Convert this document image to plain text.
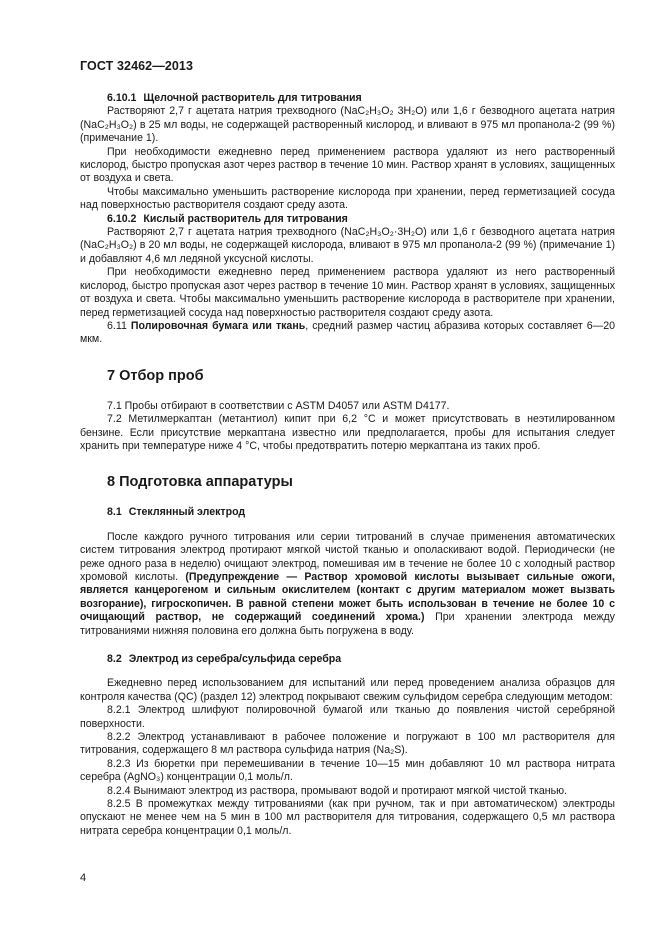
ГОСТ 32462—2013

6.10.1 Щелочной растворитель для титрования

Растворяют 2,7 г ацетата натрия трехводного (NaC₂H₃O₂ 3H₂O) или 1,6 г безводного ацетата натрия (NaC₂H₃O₂) в 25 мл воды, не содержащей растворенный кислород, и вливают в 975 мл пропанола-2 (99 %) (примечание 1).

При необходимости ежедневно перед применением раствора удаляют из него растворенный кислород, быстро пропуская азот через раствор в течение 10 мин. Раствор хранят в условиях, защищенных от воздуха и света.

Чтобы максимально уменьшить растворение кислорода при хранении, перед герметизацией сосуда над поверхностью растворителя создают среду азота.

6.10.2 Кислый растворитель для титрования

Растворяют 2,7 г ацетата натрия трехводного (NaC₂H₃O₂·3H₂O) или 1,6 г безводного ацетата натрия (NaC₂H₃O₂) в 20 мл воды, не содержащей кислорода, вливают в 975 мл пропанола-2 (99 %) (примечание 1) и добавляют 4,6 мл ледяной уксусной кислоты.

При необходимости ежедневно перед применением раствора удаляют из него растворенный кислород, быстро пропуская азот через раствор в течение 10 мин. Раствор хранят в условиях, защищенных от воздуха и света. Чтобы максимально уменьшить растворение кислорода в растворителе при хранении, перед герметизацией сосуда над поверхностью растворителя создают среду азота.

6.11 Полировочная бумага или ткань, средний размер частиц абразива которых составляет 6—20 мкм.

7 Отбор проб

7.1 Пробы отбирают в соответствии с ASTM D4057 или ASTM D4177.

7.2 Метилмеркаптан (метантиол) кипит при 6,2 °С и может присутствовать в неэтилированном бензине. Если присутствие меркаптана известно или предполагается, пробы для испытания следует хранить при температуре ниже 4 °С, чтобы предотвратить потерю меркаптана из таких проб.

8 Подготовка аппаратуры

8.1 Стеклянный электрод

После каждого ручного титрования или серии титрований в случае применения автоматических систем титрования электрод протирают мягкой чистой тканью и ополаскивают водой. Периодически (не реже одного раза в неделю) очищают электрод, помешивая им в течение не более 10 с холодный раствор хромовой кислоты. (Предупреждение — Раствор хромовой кислоты вызывает сильные ожоги, является канцерогеном и сильным окислителем (контакт с другим материалом может вызвать возгорание), гигроскопичен. В равной степени может быть использован в течение не более 10 с очищающий раствор, не содержащий соединений хрома.) При хранении электрода между титрованиями нижняя половина его должна быть погружена в воду.

8.2 Электрод из серебра/сульфида серебра

Ежедневно перед использованием для испытаний или перед проведением анализа образцов для контроля качества (QC) (раздел 12) электрод покрывают свежим сульфидом серебра следующим методом:

8.2.1 Электрод шлифуют полировочной бумагой или тканью до появления чистой серебряной поверхности.

8.2.2 Электрод устанавливают в рабочее положение и погружают в 100 мл растворителя для титрования, содержащего 8 мл раствора сульфида натрия (Na₂S).

8.2.3 Из бюретки при перемешивании в течение 10—15 мин добавляют 10 мл раствора нитрата серебра (AgNO₃) концентрации 0,1 моль/л.

8.2.4 Вынимают электрод из раствора, промывают водой и протирают мягкой чистой тканью.

8.2.5 В промежутках между титрованиями (как при ручном, так и при автоматическом) электроды опускают не менее чем на 5 мин в 100 мл растворителя для титрования, содержащего 0,5 мл раствора нитрата серебра концентрации 0,1 моль/л.

4
